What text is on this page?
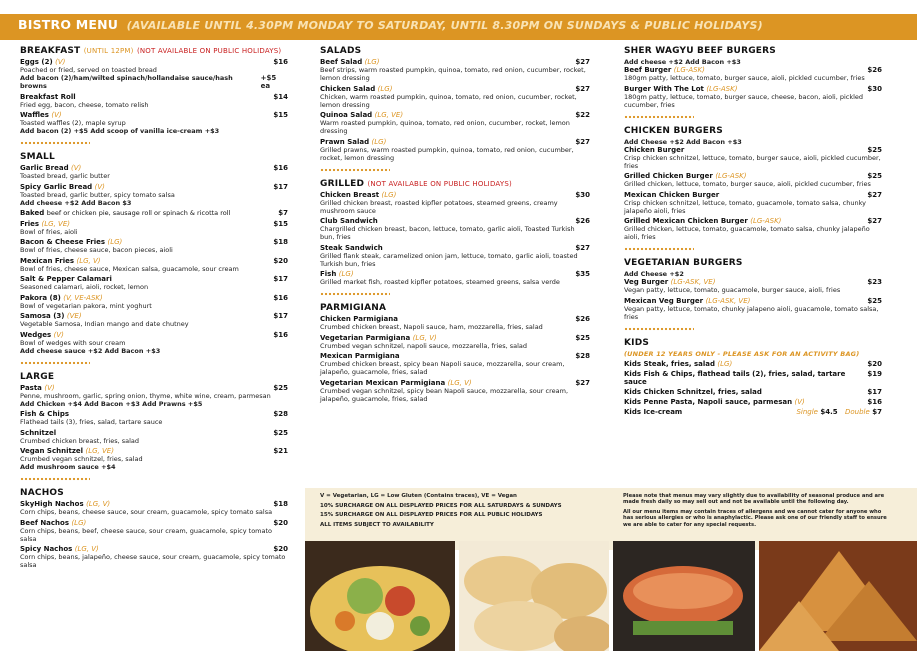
BISTRO MENU (AVAILABLE UNTIL 4.30PM MONDAY TO SATURDAY, UNTIL 8.30PM ON SUNDAYS & PUBLIC HOLIDAYS)
BREAKFAST (UNTIL 12PM) (NOT AVAILABLE ON PUBLIC HOLIDAYS)
Eggs (2) (V)	$16
Poached or fried, served on toasted bread
Add bacon (2)/ham/wilted spinach/hollandaise sauce/hash browns
+$5 ea
Breakfast Roll	$14
Fried egg, bacon, cheese, tomato relish
Waffles (V)	$15
Toasted waffles (2), maple syrup
Add bacon (2) +$5 Add scoop of vanilla ice-cream +$3
SMALL
Garlic Bread (V)	$16
Toasted bread, garlic butter
Spicy Garlic Bread (V)	$17
Toasted bread, garlic butter, spicy tomato salsa
Add cheese +$2 Add Bacon $3
Baked beef or chicken pie, sausage roll or spinach & ricotta roll	$7
Fries (LG, VE)	$15
Bowl of fries, aioli
Bacon & Cheese Fries (LG)	$18
Bowl of fries, cheese sauce, bacon pieces, aioli
Mexican Fries (LG, V)	$20
Bowl of fries, cheese sauce, Mexican salsa, guacamole, sour cream
Salt & Pepper Calamari	$17
Seasoned calamari, aioli, rocket, lemon
Pakora (8) (V, VE-ASK)	$16
Bowl of vegetarian pakora, mint yoghurt
Samosa (3) (VE)	$17
Vegetable Samosa, Indian mango and date chutney
Wedges (V)	$16
Bowl of wedges with sour cream
Add cheese sauce +$2 Add Bacon +$3
LARGE
Pasta (V)	$25
Penne, mushroom, garlic, spring onion, thyme, white wine, cream, parmesan
Add Chicken +$4 Add Bacon +$3 Add Prawns +$5
Fish & Chips	$28
Flathead tails (3), fries, salad, tartare sauce
Schnitzel	$25
Crumbed chicken breast, fries, salad
Vegan Schnitzel (LG, VE)	$21
Crumbed vegan schnitzel, fries, salad
Add mushroom sauce +$4
NACHOS
SkyHigh Nachos (LG, V)	$18
Corn chips, beans, cheese sauce, sour cream, guacamole, spicy tomato salsa
Beef Nachos (LG)	$20
Corn chips, beans, beef, cheese sauce, sour cream, guacamole, spicy tomato salsa
Spicy Nachos (LG, V)	$20
Corn chips, beans, jalapeño, cheese sauce, sour cream, guacamole, spicy tomato salsa
SALADS
Beef Salad (LG)	$27
Beef strips, warm roasted pumpkin, quinoa, tomato, red onion, cucumber, rocket, lemon dressing
Chicken Salad (LG)	$27
Chicken, warm roasted pumpkin, quinoa, tomato, red onion, cucumber, rocket, lemon dressing
Quinoa Salad (LG, VE)	$22
Warm roasted pumpkin, quinoa, tomato, red onion, cucumber, rocket, lemon dressing
Prawn Salad (LG)	$27
Grilled prawns, warm roasted pumpkin, quinoa, tomato, red onion, cucumber, rocket, lemon dressing
GRILLED (NOT AVAILABLE ON PUBLIC HOLIDAYS)
Chicken Breast (LG)	$30
Grilled chicken breast, roasted kipfler potatoes, steamed greens, creamy mushroom sauce
Club Sandwich	$26
Chargrilled chicken breast, bacon, lettuce, tomato, garlic aioli, Toasted Turkish bun, fries
Steak Sandwich	$27
Grilled flank steak, caramelized onion jam, lettuce, tomato, garlic aioli, toasted Turkish bun, fries
Fish (LG)	$35
Grilled market fish, roasted kipfler potatoes, steamed greens, salsa verde
PARMIGIANA
Chicken Parmigiana	$26
Crumbed chicken breast, Napoli sauce, ham, mozzarella, fries, salad
Vegetarian Parmigiana (LG, V)	$25
Crumbed vegan schnitzel, napoli sauce, mozzarella, fries, salad
Mexican Parmigiana	$28
Crumbed chicken breast, spicy bean Napoli sauce, mozzarella, sour cream, jalapeño, guacamole, fries, salad
Vegetarian Mexican Parmigiana (LG, V)	$27
Crumbed vegan schnitzel, spicy bean Napoli sauce, mozzarella, sour cream, jalapeño, guacamole, fries, salad
SHER WAGYU BEEF BURGERS
Add cheese +$2 Add Bacon +$3
Beef Burger (LG-ASK)	$26
180gm patty, lettuce, tomato, burger sauce, aioli, pickled cucumber, fries
Burger With The Lot (LG-ASK)	$30
180gm patty, lettuce, tomato, burger sauce, cheese, bacon, aioli, pickled cucumber, fries
CHICKEN BURGERS
Add Cheese +$2 Add Bacon +$3
Chicken Burger	$25
Crisp chicken schnitzel, lettuce, tomato, burger sauce, aioli, pickled cucumber, fries
Grilled Chicken Burger (LG-ASK)	$25
Grilled chicken, lettuce, tomato, burger sauce, aioli, pickled cucumber, fries
Mexican Chicken Burger	$27
Crisp chicken schnitzel, lettuce, tomato, guacamole, tomato salsa, chunky jalapeño aioli, fries
Grilled Mexican Chicken Burger (LG-ASK)	$27
Grilled chicken, lettuce, tomato, guacamole, tomato salsa, chunky jalapeño aioli, fries
VEGETARIAN BURGERS
Add Cheese +$2
Veg Burger (LG-ASK, VE)	$23
Vegan patty, lettuce, tomato, guacamole, burger sauce, aioli, fries
Mexican Veg Burger (LG-ASK, VE)	$25
Vegan patty, lettuce, tomato, chunky jalapeno aioli, guacamole, tomato salsa, fries
KIDS
(UNDER 12 YEARS ONLY - PLEASE ASK FOR AN ACTIVITY BAG)
Kids Steak, fries, salad (LG)	$20
Kids Fish & Chips, flathead tails (2), fries, salad, tartare sauce
$19
Kids Chicken Schnitzel, fries, salad	$17
Kids Penne Pasta, Napoli sauce, parmesan (V)	$16
Kids Ice-cream	Single $4.5 Double $7
V = Vegetarian, LG = Low Gluten (Contains traces), VE = Vegan
10% SURCHARGE ON ALL DISPLAYED PRICES FOR ALL SATURDAYS & SUNDAYS
15% SURCHARGE ON ALL DISPLAYED PRICES FOR ALL PUBLIC HOLIDAYS
ALL ITEMS SUBJECT TO AVAILABILITY
Please note that menus may vary slightly due to availability of seasonal produce and are made fresh daily so may sell out and not be available until the following day.
All our menu items may contain traces of allergens and we cannot cater for anyone who has serious allergies or who is anaphylactic. Please ask one of our friendly staff to ensure we are able to cater for any special requests.
